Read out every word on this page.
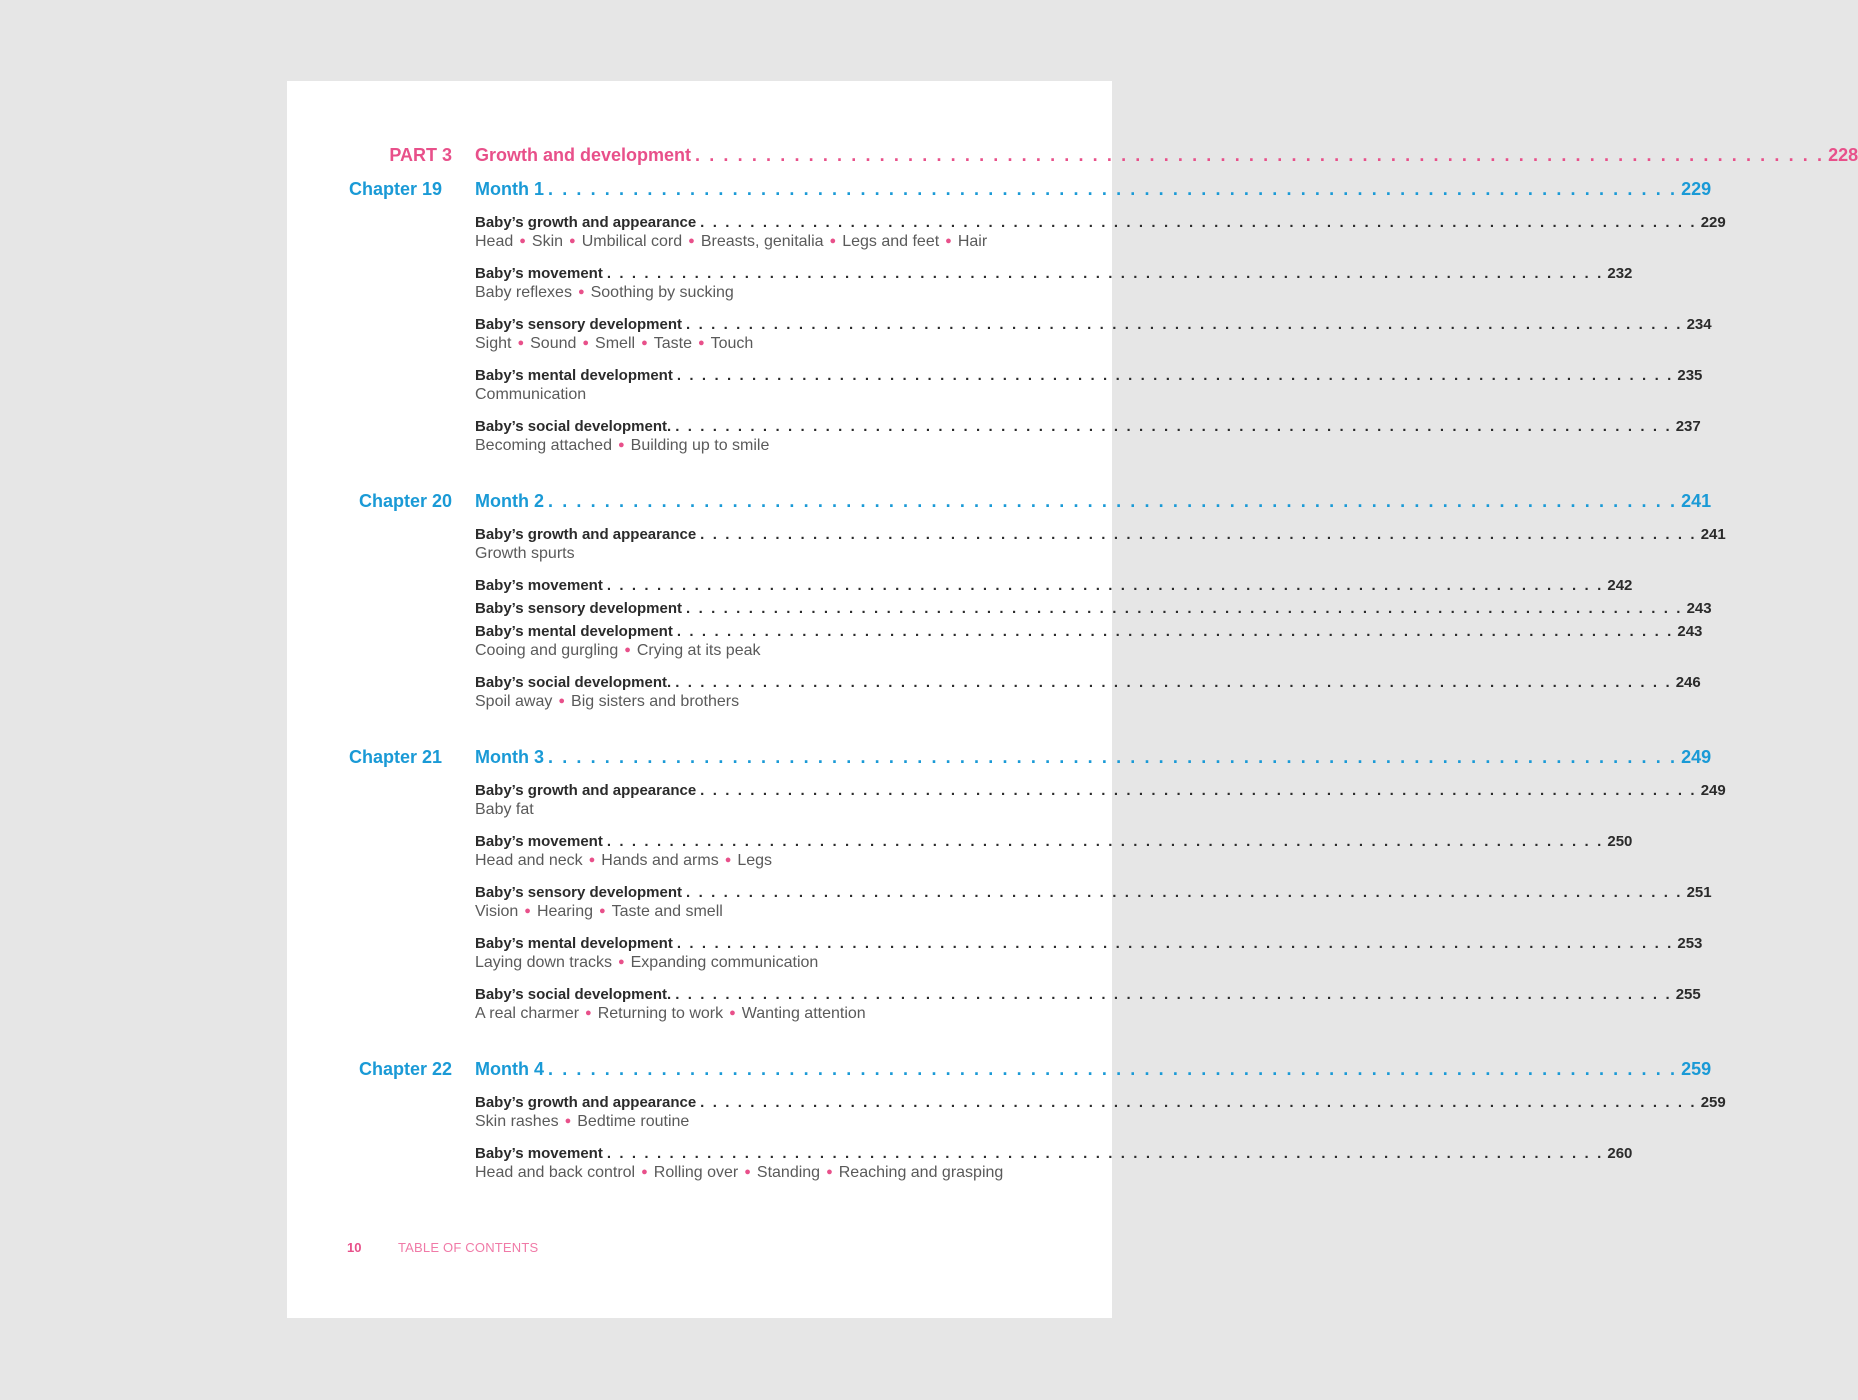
PART 3 Growth and development . . . . . . . . . . . . . . . . . . . . . . . . . . . . . . . . . . . . . . . . . . . . . . . . . . . . . . . . . . . . . . . . . . . . . . . . . . . . . . . . 228
Chapter 19 Month 1 . . . . . . . . . . . . . . . . . . . . . . . . . . . . . . . . . . . . . . . . . . . . . . . . . . . . . . . . . . . . . . . . . . . . . . . . . . . . . . . . 229
Baby’s growth and appearance . . . . . . . . . . . . . . . . . . . . . . . . . . . . . . . . . . . . . . . . . . . . . . . . . . . . . . . . . . . . . . . . . . . . . . . . . . . . . . . . 229
Head ● Skin ● Umbilical cord ● Breasts, genitalia ● Legs and feet ● Hair
Baby’s movement . . . . . . . . . . . . . . . . . . . . . . . . . . . . . . . . . . . . . . . . . . . . . . . . . . . . . . . . . . . . . . . . . . . . . . . . . . . . . . . . 232
Baby reflexes ● Soothing by sucking
Baby’s sensory development . . . . . . . . . . . . . . . . . . . . . . . . . . . . . . . . . . . . . . . . . . . . . . . . . . . . . . . . . . . . . . . . . . . . . . . . . . . . . . . . 234
Sight ● Sound ● Smell ● Taste ● Touch
Baby’s mental development . . . . . . . . . . . . . . . . . . . . . . . . . . . . . . . . . . . . . . . . . . . . . . . . . . . . . . . . . . . . . . . . . . . . . . . . . . . . . . . . 235
Communication
Baby’s social development. . . . . . . . . . . . . . . . . . . . . . . . . . . . . . . . . . . . . . . . . . . . . . . . . . . . . . . . . . . . . . . . . . . . . . . . . . . . . . . . . 237
Becoming attached ● Building up to smile
Chapter 20 Month 2 . . . . . . . . . . . . . . . . . . . . . . . . . . . . . . . . . . . . . . . . . . . . . . . . . . . . . . . . . . . . . . . . . . . . . . . . . . . . . . . . 241
Baby’s growth and appearance . . . . . . . . . . . . . . . . . . . . . . . . . . . . . . . . . . . . . . . . . . . . . . . . . . . . . . . . . . . . . . . . . . . . . . . . . . . . . . . . 241
Growth spurts
Baby’s movement . . . . . . . . . . . . . . . . . . . . . . . . . . . . . . . . . . . . . . . . . . . . . . . . . . . . . . . . . . . . . . . . . . . . . . . . . . . . . . . . 242
Baby’s sensory development . . . . . . . . . . . . . . . . . . . . . . . . . . . . . . . . . . . . . . . . . . . . . . . . . . . . . . . . . . . . . . . . . . . . . . . . . . . . . . . . 243
Baby’s mental development . . . . . . . . . . . . . . . . . . . . . . . . . . . . . . . . . . . . . . . . . . . . . . . . . . . . . . . . . . . . . . . . . . . . . . . . . . . . . . . . 243
Cooing and gurgling ● Crying at its peak
Baby’s social development. . . . . . . . . . . . . . . . . . . . . . . . . . . . . . . . . . . . . . . . . . . . . . . . . . . . . . . . . . . . . . . . . . . . . . . . . . . . . . . . . 246
Spoil away ● Big sisters and brothers
Chapter 21 Month 3 . . . . . . . . . . . . . . . . . . . . . . . . . . . . . . . . . . . . . . . . . . . . . . . . . . . . . . . . . . . . . . . . . . . . . . . . . . . . . . . . 249
Baby’s growth and appearance . . . . . . . . . . . . . . . . . . . . . . . . . . . . . . . . . . . . . . . . . . . . . . . . . . . . . . . . . . . . . . . . . . . . . . . . . . . . . . . . 249
Baby fat
Baby’s movement . . . . . . . . . . . . . . . . . . . . . . . . . . . . . . . . . . . . . . . . . . . . . . . . . . . . . . . . . . . . . . . . . . . . . . . . . . . . . . . . 250
Head and neck ● Hands and arms ● Legs
Baby’s sensory development . . . . . . . . . . . . . . . . . . . . . . . . . . . . . . . . . . . . . . . . . . . . . . . . . . . . . . . . . . . . . . . . . . . . . . . . . . . . . . . . 251
Vision ● Hearing ● Taste and smell
Baby’s mental development . . . . . . . . . . . . . . . . . . . . . . . . . . . . . . . . . . . . . . . . . . . . . . . . . . . . . . . . . . . . . . . . . . . . . . . . . . . . . . . . 253
Laying down tracks ● Expanding communication
Baby’s social development. . . . . . . . . . . . . . . . . . . . . . . . . . . . . . . . . . . . . . . . . . . . . . . . . . . . . . . . . . . . . . . . . . . . . . . . . . . . . . . . . 255
A real charmer ● Returning to work ● Wanting attention
Chapter 22 Month 4 . . . . . . . . . . . . . . . . . . . . . . . . . . . . . . . . . . . . . . . . . . . . . . . . . . . . . . . . . . . . . . . . . . . . . . . . . . . . . . . . 259
Baby’s growth and appearance . . . . . . . . . . . . . . . . . . . . . . . . . . . . . . . . . . . . . . . . . . . . . . . . . . . . . . . . . . . . . . . . . . . . . . . . . . . . . . . . 259
Skin rashes ● Bedtime routine
Baby’s movement . . . . . . . . . . . . . . . . . . . . . . . . . . . . . . . . . . . . . . . . . . . . . . . . . . . . . . . . . . . . . . . . . . . . . . . . . . . . . . . . 260
Head and back control ● Rolling over ● Standing ● Reaching and grasping
10	TABLE OF CONTENTS
